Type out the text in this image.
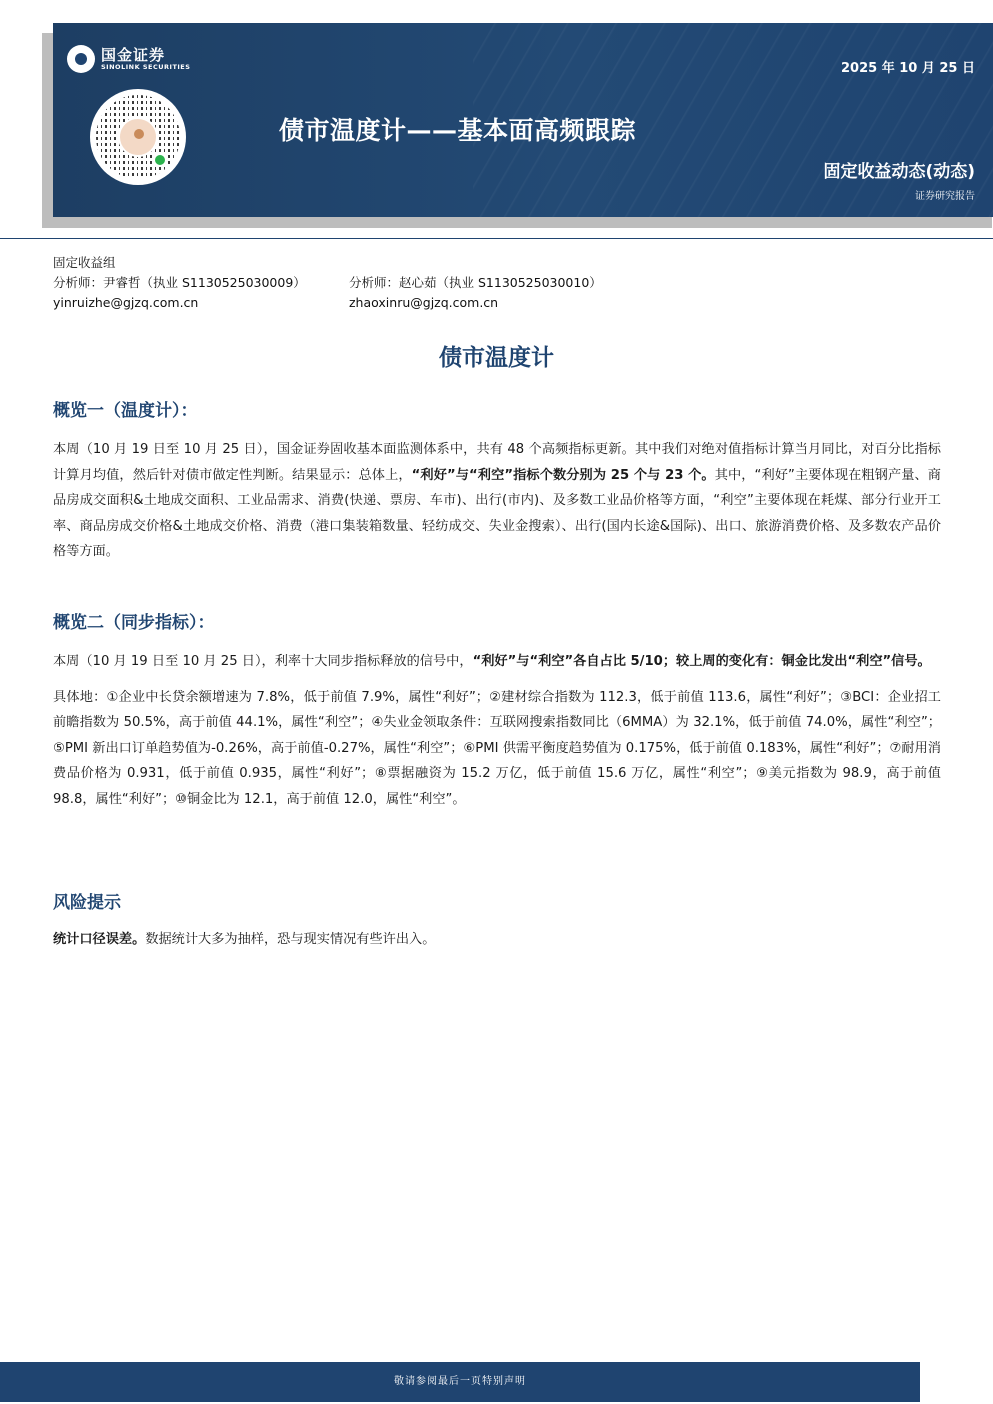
国金证券
SINOLINK SECURITIES
债市温度计——基本面高频跟踪
2025 年 10 月 25 日
固定收益动态(动态)
证券研究报告
固定收益组
分析师：尹睿哲（执业 S1130525030009）	分析师：赵心茹（执业 S1130525030010）
yinruizhe@gjzq.com.cn	zhaoxinru@gjzq.com.cn
债市温度计
概览一（温度计）：

本周（10 月 19 日至 10 月 25 日），国金证券固收基本面监测体系中，共有 48 个高频指标更新。其中我们对绝对值指标计算当月同比，对百分比指标计算月均值，然后针对债市做定性判断。结果显示：总体上，“利好”与“利空”指标个数分别为 25 个与 23 个。其中，“利好”主要体现在粗钢产量、商品房成交面积&土地成交面积、工业品需求、消费(快递、票房、车市)、出行(市内)、及多数工业品价格等方面，“利空”主要体现在耗煤、部分行业开工率、商品房成交价格&土地成交价格、消费（港口集装箱数量、轻纺成交、失业金搜索）、出行(国内长途&国际)、出口、旅游消费价格、及多数农产品价格等方面。

概览二（同步指标）：

本周（10 月 19 日至 10 月 25 日），利率十大同步指标释放的信号中，“利好”与“利空”各自占比 5/10；较上周的变化有：铜金比发出“利空”信号。

具体地：①企业中长贷余额增速为 7.8%，低于前值 7.9%，属性“利好”；②建材综合指数为 112.3，低于前值 113.6，属性“利好”；③BCI：企业招工前瞻指数为 50.5%，高于前值 44.1%，属性“利空”；④失业金领取条件：互联网搜索指数同比（6MMA）为 32.1%，低于前值 74.0%，属性“利空”；⑤PMI 新出口订单趋势值为-0.26%，高于前值-0.27%，属性“利空”；⑥PMI 供需平衡度趋势值为 0.175%，低于前值 0.183%，属性“利好”；⑦耐用消费品价格为 0.931，低于前值 0.935，属性“利好”；⑧票据融资为 15.2 万亿，低于前值 15.6 万亿，属性“利空”；⑨美元指数为 98.9，高于前值 98.8，属性“利好”；⑩铜金比为 12.1，高于前值 12.0，属性“利空”。

风险提示

统计口径误差。数据统计大多为抽样，恐与现实情况有些许出入。

敬请参阅最后一页特别声明
